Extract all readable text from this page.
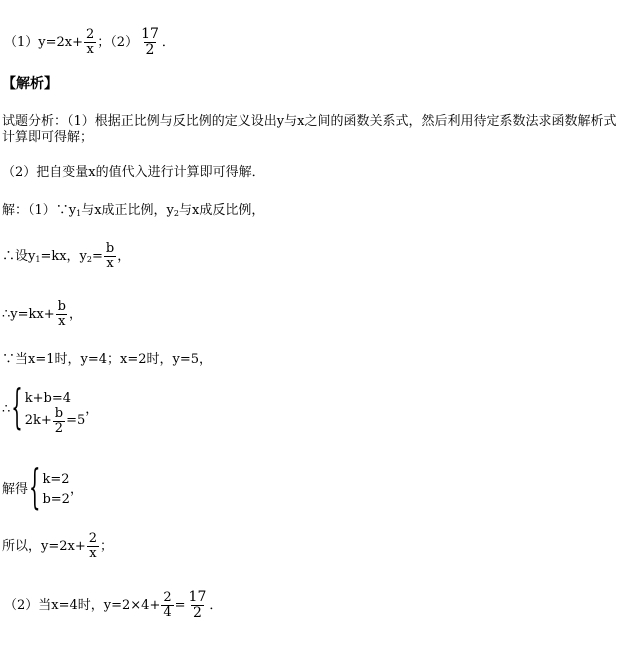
（1） $y=2x+ \frac{2}{x}$ ；$(2) \frac{17}{2}$ ．
【解析】
试题分析：（1）根据正比例与反比例的定义设出y与x之间的函数关系式，然后利用待定系数法求函数解析式计算即可得解；
（2）把自变量x的值代入进行计算即可得解．
解：（1）∵y 1 与x成正比例，y 2 与x成反比例，
∴设y 1 =kx，y $2 = \frac{b}{x}$ ，
∴y=kx+ $\frac{b}{x}$ ，
∵当x=1时，y=4；x=2时，y=5，
∴ { k+b=4
$2k+ \frac{b}{2} =5$
，
解得 { k=2
b=2
，
所以，$y=2x+ \frac{2}{x}$ ；
（2）当x=4时，$y=2\times 4+ \frac{2}{4} = \frac{17}{2}$ ．
